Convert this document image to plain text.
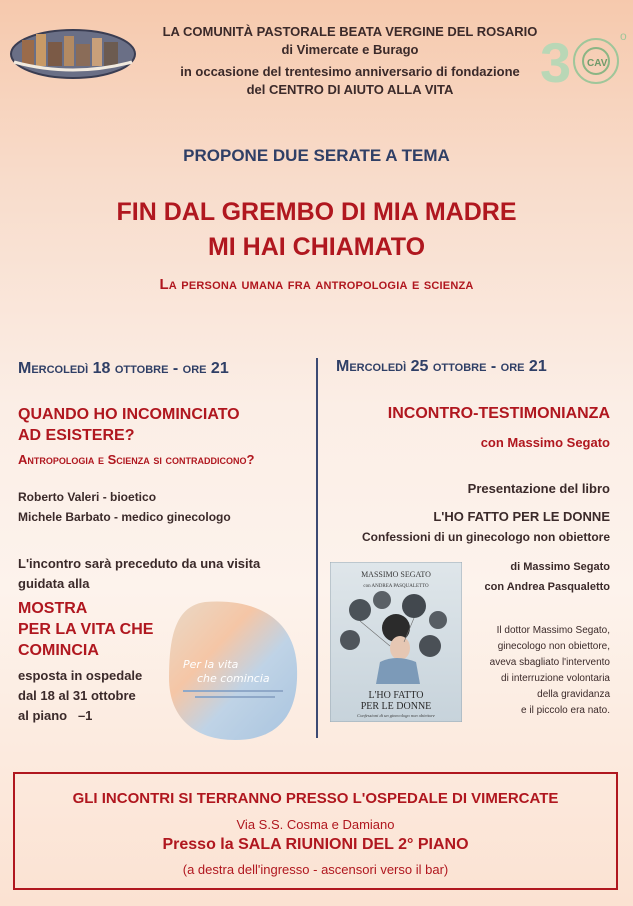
3 CAV
o
LA COMUNITÀ PASTORALE BEATA VERGINE DEL ROSARIO
di Vimercate e Burago
in occasione del trentesimo anniversario di fondazione
del CENTRO DI AIUTO ALLA VITA
PROPONE DUE SERATE A TEMA
FIN DAL GREMBO DI MIA MADRE
MI HAI CHIAMATO
La persona umana fra antropologia e scienza
Mercoledì 18 ottobre - ore 21
QUANDO HO INCOMINCIATO
AD ESISTERE?
Antropologia e Scienza si contraddicono?
Roberto Valeri - bioetico
Michele Barbato - medico ginecologo
L'incontro sarà preceduto da una visita
guidata alla
MOSTRA
PER LA VITA CHE
COMINCIA
esposta in ospedale
dal 18 al 31 ottobre
al piano   –1
Per la vita
che comincia
Mercoledì 25 ottobre - ore 21
INCONTRO-TESTIMONIANZA
con Massimo Segato
Presentazione del libro
L'HO FATTO PER LE DONNE
Confessioni di un ginecologo non obiettore
di Massimo Segato
con Andrea Pasqualetto
Il dottor Massimo Segato,
ginecologo non obiettore,
aveva sbagliato l'intervento
di interruzione volontaria
della gravidanza
e il piccolo era nato.
MASSIMO SEGATO
con ANDREA PASQUALETTO
L'HO FATTO
PER LE DONNE
Confessioni di un ginecologo non obiettore
GLI INCONTRI SI TERRANNO PRESSO L'OSPEDALE DI VIMERCATE
Via S.S. Cosma e Damiano
Presso la SALA RIUNIONI DEL 2° PIANO
(a destra dell'ingresso - ascensori verso il bar)
